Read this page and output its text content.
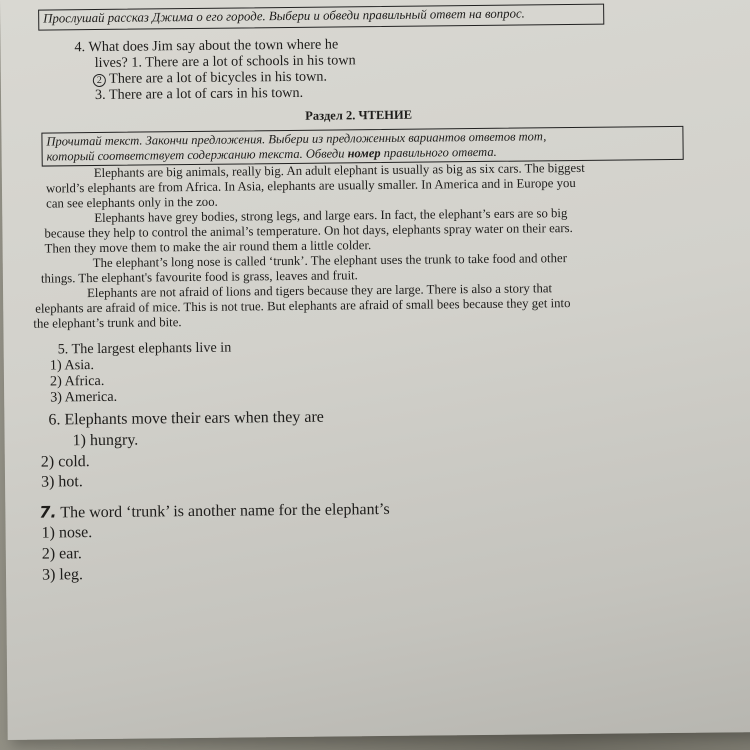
Прослушай рассказ Джима о его городе. Выбери и обведи правильный ответ на вопрос.
4. What does Jim say about the town where he
lives? 1. There are a lot of schools in his town
2 There are a lot of bicycles in his town.
3. There are a lot of cars in his town.
Раздел 2. ЧТЕНИЕ
Прочитай текст. Закончи предложения. Выбери из предложенных вариантов ответов тот,
который соответствует содержанию текста. Обведи номер правильного ответа.
Elephants are big animals, really big. An adult elephant is usually as big as six cars. The biggest
world’s elephants are from Africa. In Asia, elephants are usually smaller. In America and in Europe you
can see elephants only in the zoo.
Elephants have grey bodies, strong legs, and large ears. In fact, the elephant’s ears are so big
because they help to control the animal’s temperature. On hot days, elephants spray water on their ears.
Then they move them to make the air round them a little colder.
The elephant’s long nose is called ‘trunk’. The elephant uses the trunk to take food and other
things. The elephant's favourite food is grass, leaves and fruit.
Elephants are not afraid of lions and tigers because they are large. There is also a story that
elephants are afraid of mice. This is not true. But elephants are afraid of small bees because they get into
the elephant’s trunk and bite.
5. The largest elephants live in
1) Asia.
2) Africa.
3) America.
6. Elephants move their ears when they are
1) hungry.
2) cold.
3) hot.
7. The word ‘trunk’ is another name for the elephant’s
1) nose.
2) ear.
3) leg.
